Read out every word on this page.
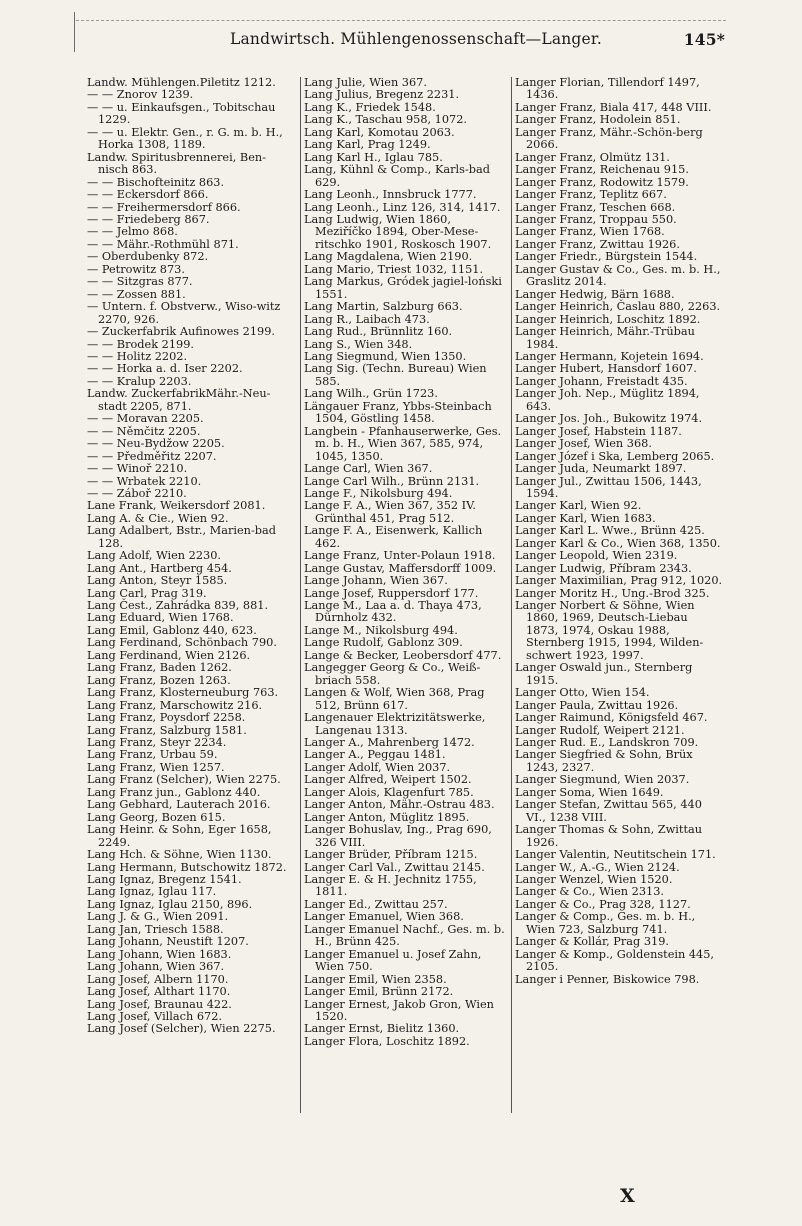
Landwirtsch. Mühlengenossenschaft—Langer.	145*
Landw. Mühlengen.Piletitz 1212.
— — Znorov 1239.
— — u. Einkaufsgen., Tobitschau 1229.
— — u. Elektr. Gen., r. G. m. b. H., Horka 1308, 1189.
Landw. Spiritusbrennerei, Ben-nisch 863.
— — Bischofteinitz 863.
— — Eckersdorf 866.
— — Freihermersdorf 866.
— — Friedeberg 867.
— — Jelmo 868.
— — Mähr.-Rothmühl 871.
— Oberdubenky 872.
— Petrowitz 873.
— — Sitzgras 877.
— — Zossen 881.
— Untern. f. Obstverw., Wiso-witz 2270, 926.
— Zuckerfabrik Aufinowes 2199.
— — Brodek 2199.
— — Holitz 2202.
— — Horka a. d. Iser 2202.
— — Kralup 2203.
Landw. ZuckerfabrikMähr.-Neu-stadt 2205, 871.
— — Moravan 2205.
— — Němčitz 2205.
— — Neu-Bydžow 2205.
— — Předměřitz 2207.
— — Winoř 2210.
— — Wrbatek 2210.
— — Záboř 2210.
Lane Frank, Weikersdorf 2081.
Lang A. & Cie., Wien 92.
Lang Adalbert, Bstr., Marien-bad 128.
Lang Adolf, Wien 2230.
Lang Ant., Hartberg 454.
Lang Anton, Steyr 1585.
Lang Carl, Prag 319.
Lang Čest., Zahrádka 839, 881.
Lang Eduard, Wien 1768.
Lang Emil, Gablonz 440, 623.
Lang Ferdinand, Schönbach 790.
Lang Ferdinand, Wien 2126.
Lang Franz, Baden 1262.
Lang Franz, Bozen 1263.
Lang Franz, Klosterneuburg 763.
Lang Franz, Marschowitz 216.
Lang Franz, Poysdorf 2258.
Lang Franz, Salzburg 1581.
Lang Franz, Steyr 2234.
Lang Franz, Urbau 59.
Lang Franz, Wien 1257.
Lang Franz (Selcher), Wien 2275.
Lang Franz jun., Gablonz 440.
Lang Gebhard, Lauterach 2016.
Lang Georg, Bozen 615.
Lang Heinr. & Sohn, Eger 1658, 2249.
Lang Hch. & Söhne, Wien 1130.
Lang Hermann, Butschowitz 1872.
Lang Ignaz, Bregenz 1541.
Lang Ignaz, Iglau 117.
Lang Ignaz, Iglau 2150, 896.
Lang J. & G., Wien 2091.
Lang Jan, Triesch 1588.
Lang Johann, Neustift 1207.
Lang Johann, Wien 1683.
Lang Johann, Wien 367.
Lang Josef, Albern 1170.
Lang Josef, Althart 1170.
Lang Josef, Braunau 422.
Lang Josef, Villach 672.
Lang Josef (Selcher), Wien 2275.
Lang Julie, Wien 367.
Lang Julius, Bregenz 2231.
Lang K., Friedek 1548.
Lang K., Taschau 958, 1072.
Lang Karl, Komotau 2063.
Lang Karl, Prag 1249.
Lang Karl H., Iglau 785.
Lang, Kühnl & Comp., Karls-bad 629.
Lang Leonh., Innsbruck 1777.
Lang Leonh., Linz 126, 314, 1417.
Lang Ludwig, Wien 1860, Meziříčko 1894, Ober-Mese-ritschko 1901, Roskosch 1907.
Lang Magdalena, Wien 2190.
Lang Mario, Triest 1032, 1151.
Lang Markus, Gródek jagiel-loński 1551.
Lang Martin, Salzburg 663.
Lang R., Laibach 473.
Lang Rud., Brünnlitz 160.
Lang S., Wien 348.
Lang Siegmund, Wien 1350.
Lang Sig. (Techn. Bureau) Wien 585.
Lang Wilh., Grün 1723.
Längauer Franz, Ybbs-Steinbach 1504, Göstling 1458.
Langbein - Pfanhauserwerke, Ges. m. b. H., Wien 367, 585, 974, 1045, 1350.
Lange Carl, Wien 367.
Lange Carl Wilh., Brünn 2131.
Lange F., Nikolsburg 494.
Lange F. A., Wien 367, 352 IV. Grünthal 451, Prag 512.
Lange F. A., Eisenwerk, Kallich 462.
Lange Franz, Unter-Polaun 1918.
Lange Gustav, Maffersdorff 1009.
Lange Johann, Wien 367.
Lange Josef, Ruppersdorf 177.
Lange M., Laa a. d. Thaya 473, Dürnholz 432.
Lange M., Nikolsburg 494.
Lange Rudolf, Gablonz 309.
Lange & Becker, Leobersdorf 477.
Langegger Georg & Co., Weiß-briach 558.
Langen & Wolf, Wien 368, Prag 512, Brünn 617.
Langenauer Elektrizitätswerke, Langenau 1313.
Langer A., Mahrenberg 1472.
Langer A., Peggau 1481.
Langer Adolf, Wien 2037.
Langer Alfred, Weipert 1502.
Langer Alois, Klagenfurt 785.
Langer Anton, Mähr.-Ostrau 483.
Langer Anton, Müglitz 1895.
Langer Bohuslav, Ing., Prag 690, 326 VIII.
Langer Brüder, Příbram 1215.
Langer Carl Val., Zwittau 2145.
Langer E. & H. Jechnitz 1755, 1811.
Langer Ed., Zwittau 257.
Langer Emanuel, Wien 368.
Langer Emanuel Nachf., Ges. m. b. H., Brünn 425.
Langer Emanuel u. Josef Zahn, Wien 750.
Langer Emil, Wien 2358.
Langer Emil, Brünn 2172.
Langer Ernest, Jakob Gron, Wien 1520.
Langer Ernst, Bielitz 1360.
Langer Flora, Loschitz 1892.
Langer Florian, Tillendorf 1497, 1436.
Langer Franz, Biala 417, 448 VIII.
Langer Franz, Hodolein 851.
Langer Franz, Mähr.-Schön-berg 2066.
Langer Franz, Olmütz 131.
Langer Franz, Reichenau 915.
Langer Franz, Rodowitz 1579.
Langer Franz, Teplitz 667.
Langer Franz, Teschen 668.
Langer Franz, Troppau 550.
Langer Franz, Wien 1768.
Langer Franz, Zwittau 1926.
Langer Friedr., Bürgstein 1544.
Langer Gustav & Co., Ges. m. b. H., Graslitz 2014.
Langer Hedwig, Bärn 1688.
Langer Heinrich, Časlau 880, 2263.
Langer Heinrich, Loschitz 1892.
Langer Heinrich, Mähr.-Trübau 1984.
Langer Hermann, Kojetein 1694.
Langer Hubert, Hansdorf 1607.
Langer Johann, Freistadt 435.
Langer Joh. Nep., Müglitz 1894, 643.
Langer Jos. Joh., Bukowitz 1974.
Langer Josef, Habstein 1187.
Langer Josef, Wien 368.
Langer Józef i Ska, Lemberg 2065.
Langer Juda, Neumarkt 1897.
Langer Jul., Zwittau 1506, 1443, 1594.
Langer Karl, Wien 92.
Langer Karl, Wien 1683.
Langer Karl L. Wwe., Brünn 425.
Langer Karl & Co., Wien 368, 1350.
Langer Leopold, Wien 2319.
Langer Ludwig, Příbram 2343.
Langer Maximilian, Prag 912, 1020.
Langer Moritz H., Ung.-Brod 325.
Langer Norbert & Söhne, Wien 1860, 1969, Deutsch-Liebau 1873, 1974, Oskau 1988, Sternberg 1915, 1994, Wilden-schwert 1923, 1997.
Langer Oswald jun., Sternberg 1915.
Langer Otto, Wien 154.
Langer Paula, Zwittau 1926.
Langer Raimund, Königsfeld 467.
Langer Rudolf, Weipert 2121.
Langer Rud. E., Landskron 709.
Langer Siegfried & Sohn, Brüx 1243, 2327.
Langer Siegmund, Wien 2037.
Langer Soma, Wien 1649.
Langer Stefan, Zwittau 565, 440 VI., 1238 VIII.
Langer Thomas & Sohn, Zwittau 1926.
Langer Valentin, Neutitschein 171.
Langer W., A.-G., Wien 2124.
Langer Wenzel, Wien 1520.
Langer & Co., Wien 2313.
Langer & Co., Prag 328, 1127.
Langer & Comp., Ges. m. b. H., Wien 723, Salzburg 741.
Langer & Kollár, Prag 319.
Langer & Komp., Goldenstein 445, 2105.
Langer i Penner, Biskowice 798.
X
